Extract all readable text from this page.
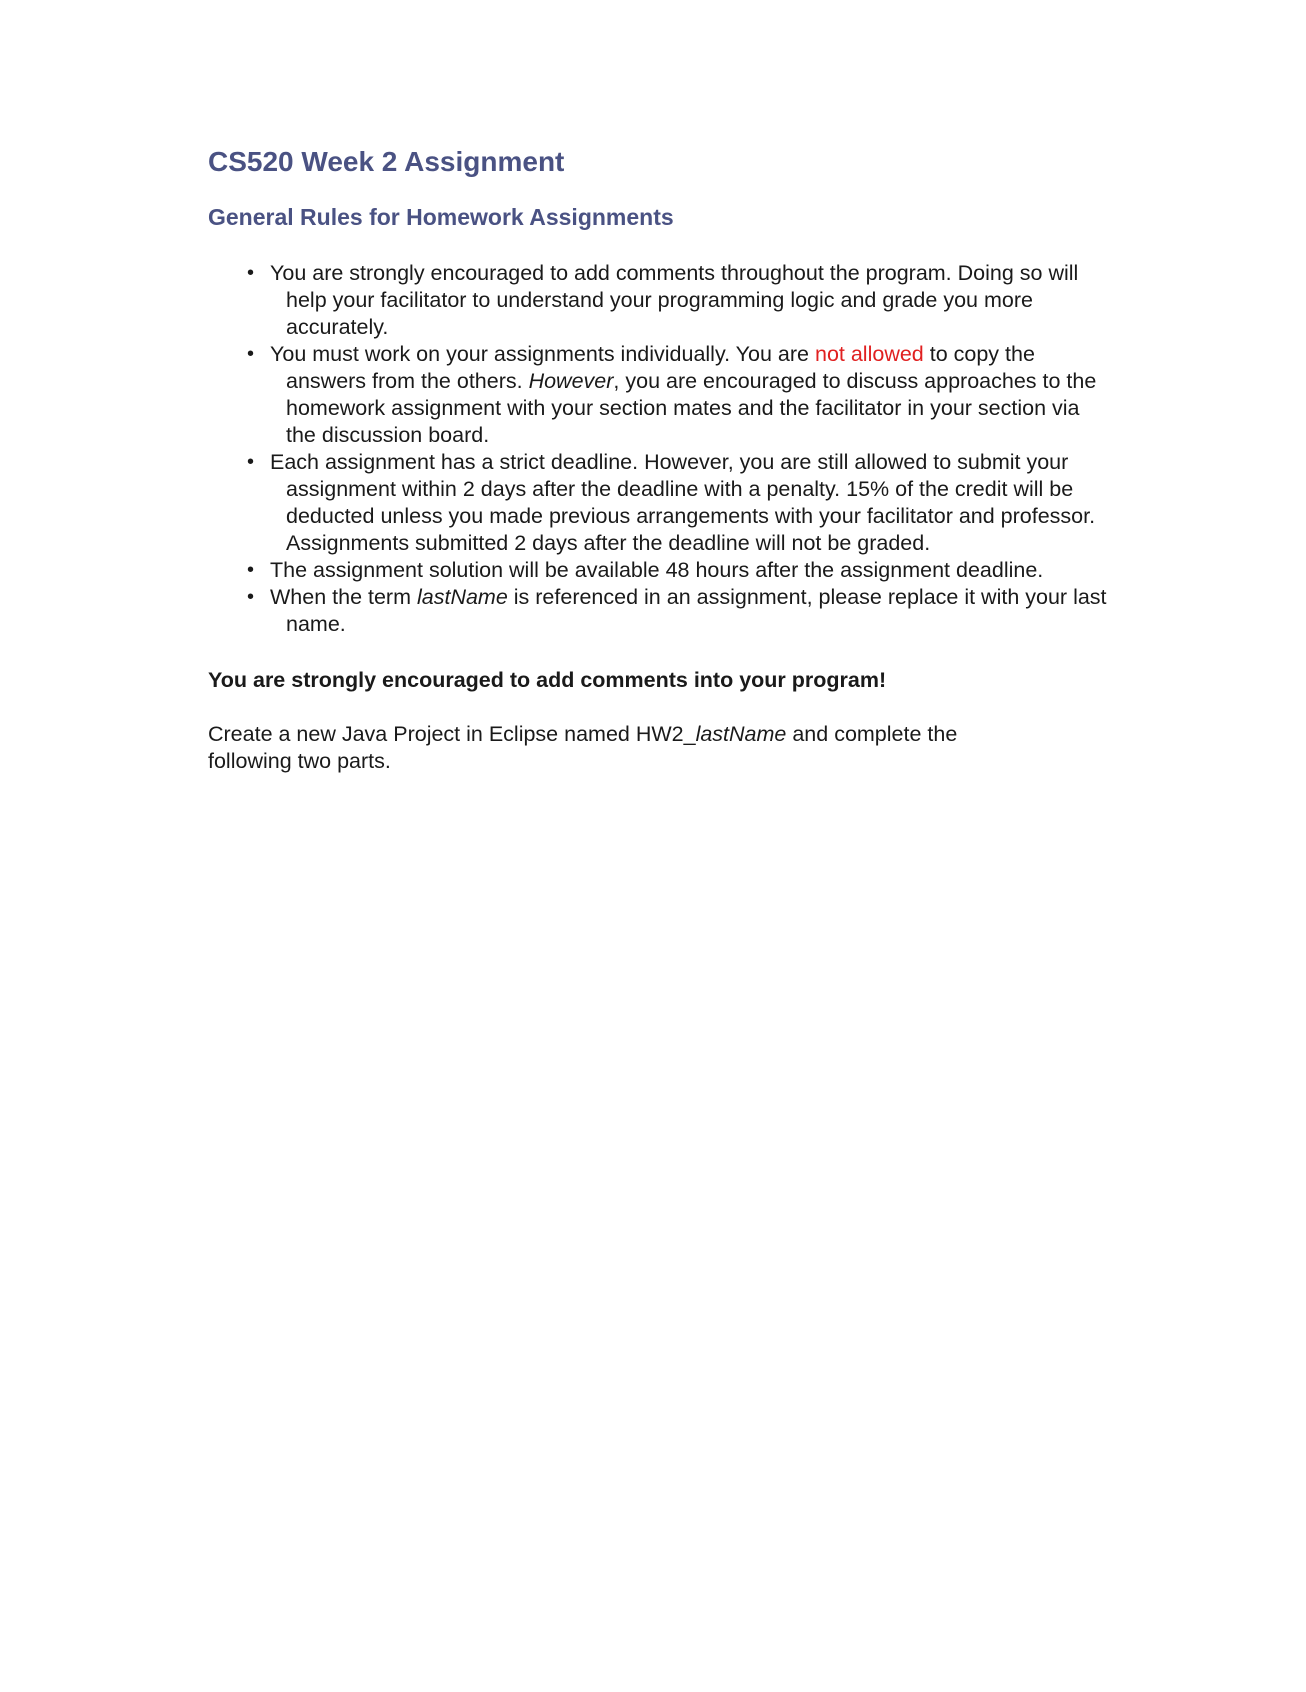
CS520 Week 2 Assignment
General Rules for Homework Assignments
• You are strongly encouraged to add comments throughout the program. Doing so will help your facilitator to understand your programming logic and grade you more accurately.
• You must work on your assignments individually. You are not allowed to copy the answers from the others. However, you are encouraged to discuss approaches to the homework assignment with your section mates and the facilitator in your section via the discussion board.
• Each assignment has a strict deadline. However, you are still allowed to submit your assignment within 2 days after the deadline with a penalty. 15% of the credit will be deducted unless you made previous arrangements with your facilitator and professor. Assignments submitted 2 days after the deadline will not be graded.
• The assignment solution will be available 48 hours after the assignment deadline.
• When the term lastName is referenced in an assignment, please replace it with your last name.

You are strongly encouraged to add comments into your program!

Create a new Java Project in Eclipse named HW2_lastName and complete the following two parts.
